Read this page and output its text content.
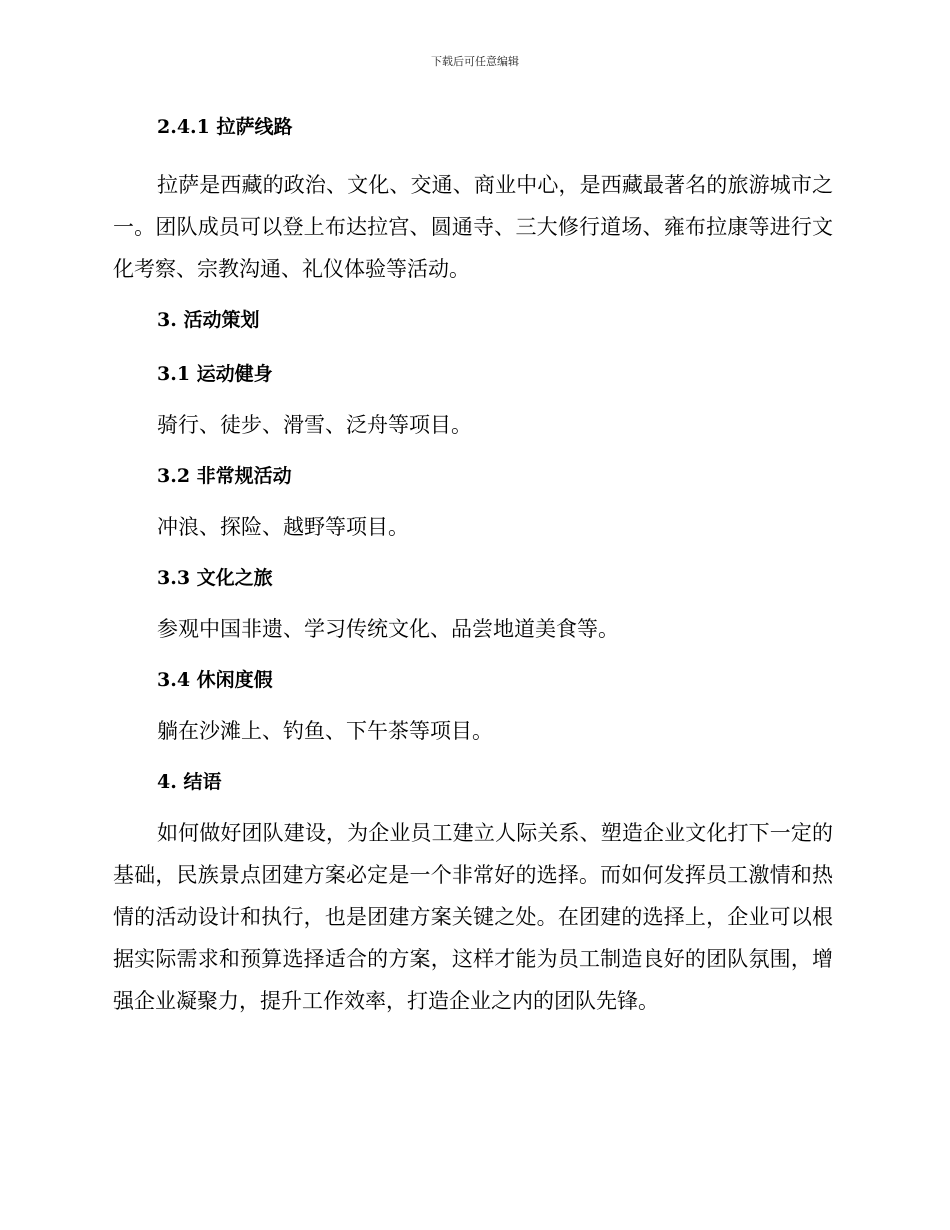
下载后可任意编辑
2.4.1 拉萨线路

拉萨是西藏的政治、文化、交通、商业中心，是西藏最著名的旅游城市之一。团队成员可以登上布达拉宫、圆通寺、三大修行道场、雍布拉康等进行文化考察、宗教沟通、礼仪体验等活动。

3. 活动策划
3.1 运动健身

骑行、徒步、滑雪、泛舟等项目。

3.2 非常规活动

冲浪、探险、越野等项目。

3.3 文化之旅

参观中国非遗、学习传统文化、品尝地道美食等。

3.4 休闲度假

躺在沙滩上、钓鱼、下午茶等项目。

4. 结语

如何做好团队建设，为企业员工建立人际关系、塑造企业文化打下一定的基础，民族景点团建方案必定是一个非常好的选择。而如何发挥员工激情和热情的活动设计和执行，也是团建方案关键之处。在团建的选择上，企业可以根据实际需求和预算选择适合的方案，这样才能为员工制造良好的团队氛围，增强企业凝聚力，提升工作效率，打造企业之内的团队先锋。
